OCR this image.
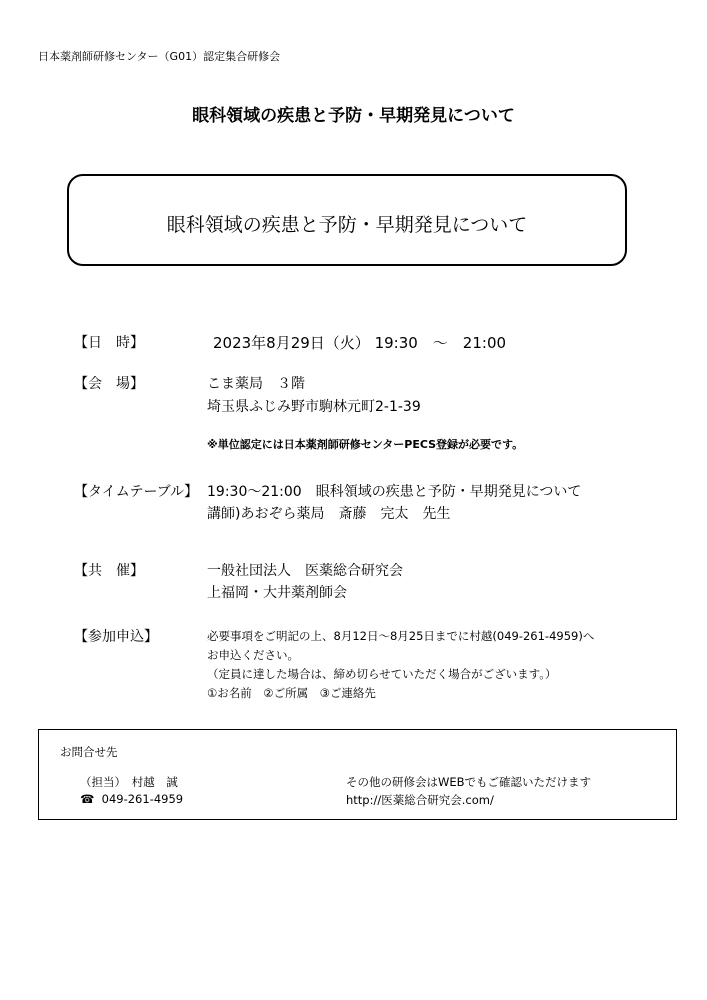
日本薬剤師研修センター（G01）認定集合研修会
眼科領域の疾患と予防・早期発見について
眼科領域の疾患と予防・早期発見について
【日　時】	2023年8月29日（火） 19:30　～　21:00
【会　場】	こま薬局　３階
埼玉県ふじみ野市駒林元町2-1-39
※単位認定には日本薬剤師研修センターPECS登録が必要です。
【タイムテーブル】 19:30～21:00　眼科領域の疾患と予防・早期発見について
講師)あおぞら薬局　斎藤　完太　先生
【共　催】	一般社団法人　医薬総合研究会
上福岡・大井薬剤師会
【参加申込】	必要事項をご明記の上、8月12日～8月25日までに村越(049-261-4959)へ
お申込ください。
（定員に達した場合は、締め切らせていただく場合がございます。）
①お名前　②ご所属　③ご連絡先
お問合せ先
（担当）　村越　誠
☎ 049-261-4959
その他の研修会はWEBでもご確認いただけます
http://医薬総合研究会.com/
